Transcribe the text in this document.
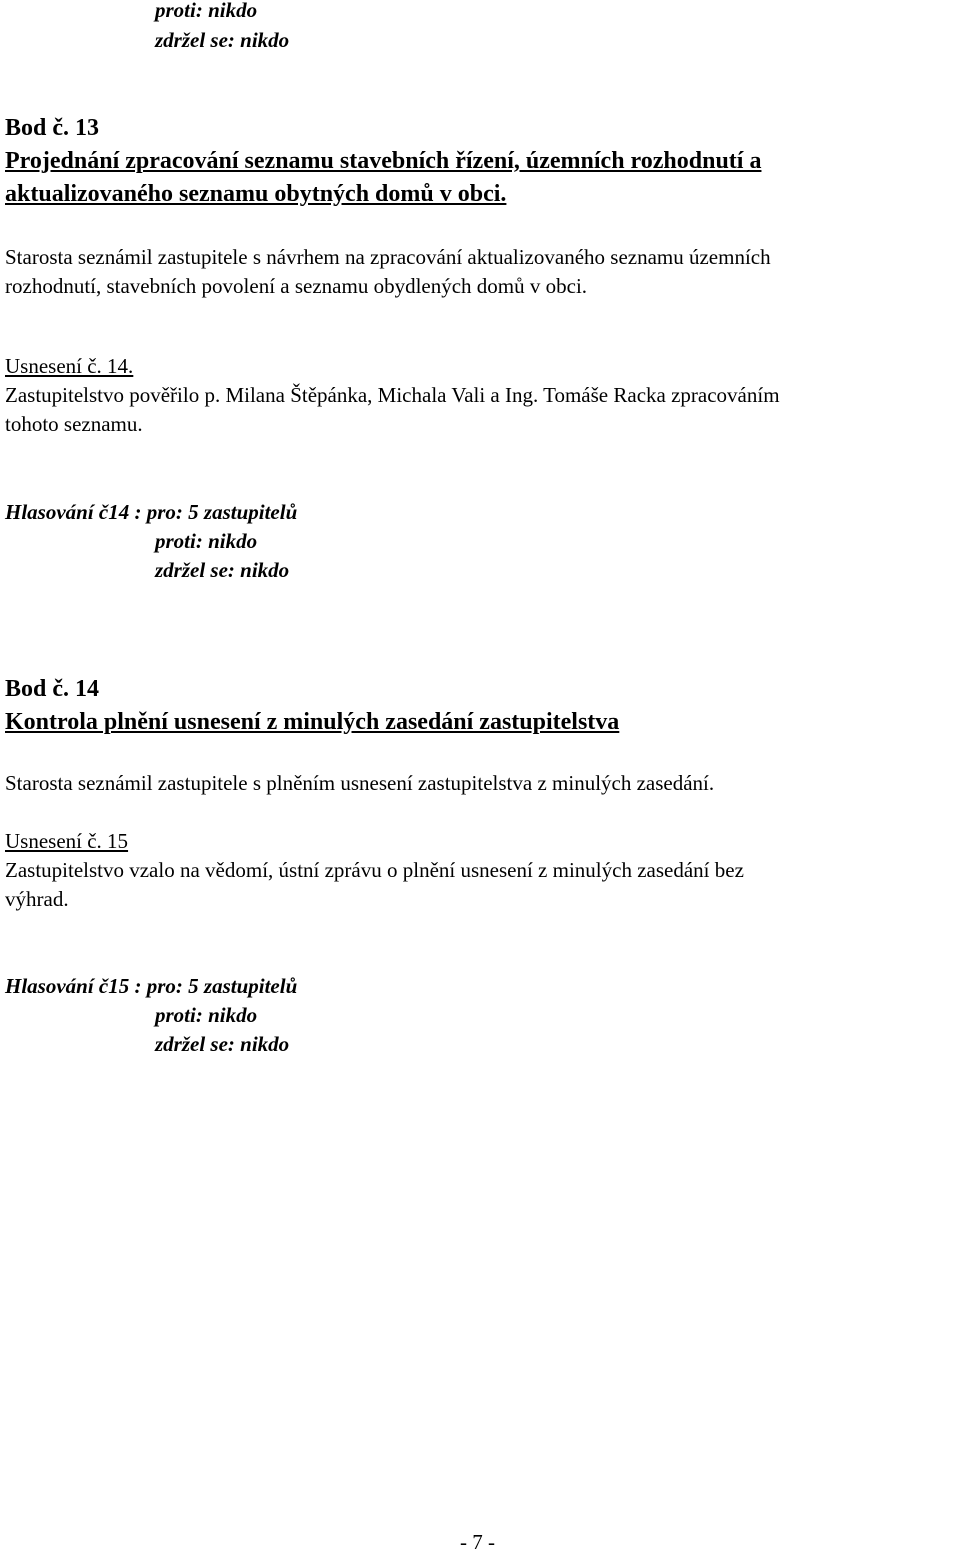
proti: nikdo
zdržel se: nikdo
Bod č. 13
Projednání zpracování seznamu stavebních řízení, územních rozhodnutí a
aktualizovaného seznamu obytných domů v obci.
Starosta seznámil zastupitele s návrhem na zpracování aktualizovaného seznamu územních
rozhodnutí, stavebních povolení a seznamu obydlených domů v obci.
Usnesení č. 14.
Zastupitelstvo pověřilo p. Milana Štěpánka, Michala Vali a Ing. Tomáše Racka zpracováním
tohoto seznamu.
Hlasování č14 : pro: 5 zastupitelů
proti: nikdo
zdržel se: nikdo
Bod č. 14
Kontrola plnění usnesení z minulých zasedání zastupitelstva
Starosta seznámil zastupitele s plněním usnesení zastupitelstva z minulých zasedání.
Usnesení č. 15
Zastupitelstvo vzalo na vědomí, ústní zprávu o plnění usnesení z minulých zasedání bez
výhrad.
Hlasování č15 : pro: 5 zastupitelů
proti: nikdo
zdržel se: nikdo
- 7 -
